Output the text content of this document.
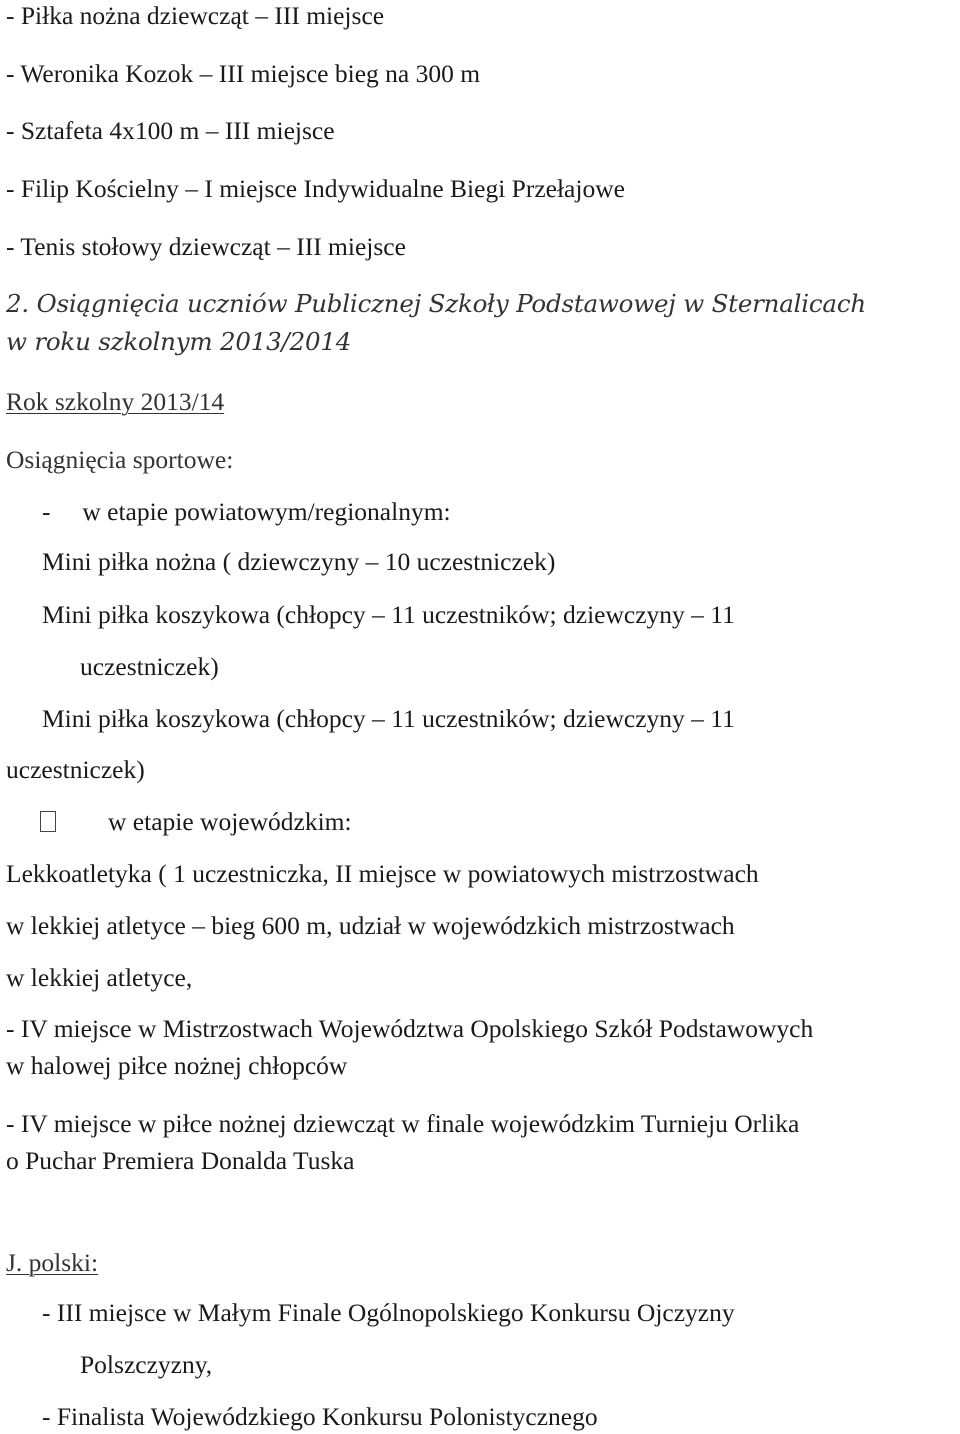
- Piłka nożna dziewcząt – III miejsce

- Weronika Kozok – III miejsce bieg na 300 m

- Sztafeta 4x100 m – III miejsce

- Filip Kościelny – I miejsce Indywidualne Biegi Przełajowe

- Tenis stołowy dziewcząt – III miejsce

2. Osiągnięcia uczniów Publicznej Szkoły Podstawowej w Sternalicach

w roku szkolnym 2013/2014

Rok szkolny 2013/14

Osiągnięcia sportowe:

-     w etapie powiatowym/regionalnym:

Mini piłka nożna ( dziewczyny – 10 uczestniczek)

Mini piłka koszykowa (chłopcy – 11 uczestników; dziewczyny – 11

uczestniczek)

Mini piłka koszykowa (chłopcy – 11 uczestników; dziewczyny – 11

uczestniczek)

w etapie wojewódzkim:

Lekkoatletyka ( 1 uczestniczka, II miejsce w powiatowych mistrzostwach

w lekkiej atletyce – bieg 600 m, udział w wojewódzkich mistrzostwach

w lekkiej atletyce,

- IV miejsce w Mistrzostwach Województwa Opolskiego Szkół Podstawowych

w halowej piłce nożnej chłopców

- IV miejsce w piłce nożnej dziewcząt w finale wojewódzkim Turnieju Orlika

o Puchar Premiera Donalda Tuska

J. polski:

- III miejsce w Małym Finale Ogólnopolskiego Konkursu Ojczyzny

Polszczyzny,

- Finalista Wojewódzkiego Konkursu Polonistycznego
